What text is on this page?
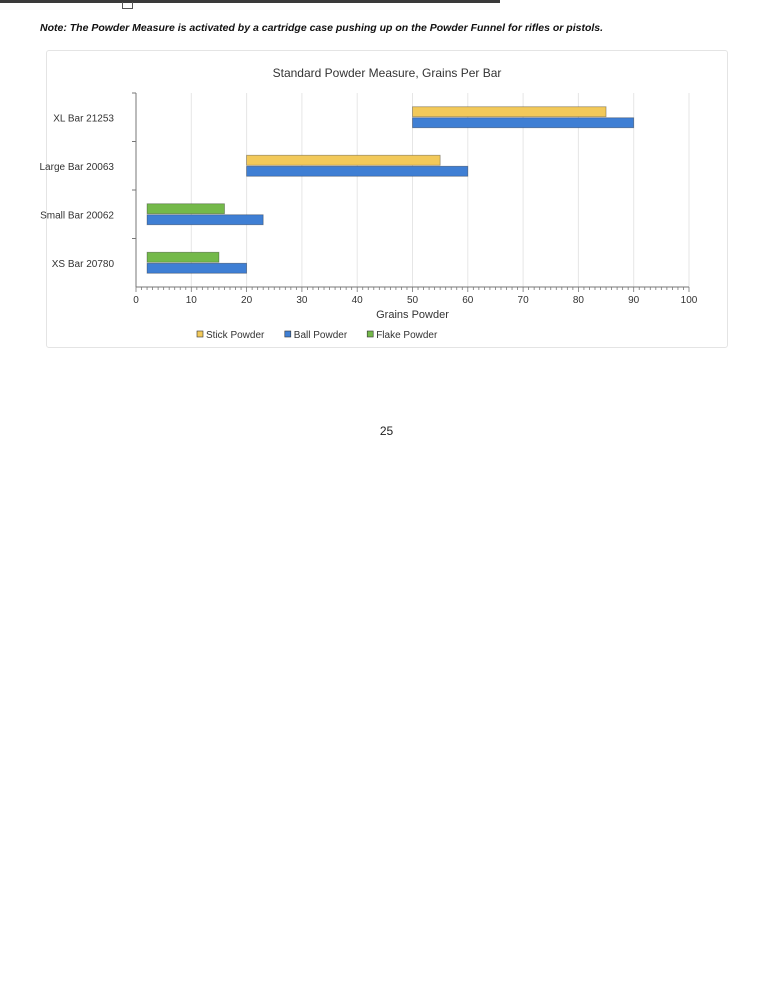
Note: The Powder Measure is activated by a cartridge case pushing up on the Powder Funnel for rifles or pistols.
Standard Powder Measure, Grains Per Bar
0	10	20	30	40	50	60	70	80	90	100
XL Bar 21253
Large Bar 20063
Small Bar 20062
XS Bar 20780
Grains Powder
Stick Powder	Ball Powder	Flake Powder
25
